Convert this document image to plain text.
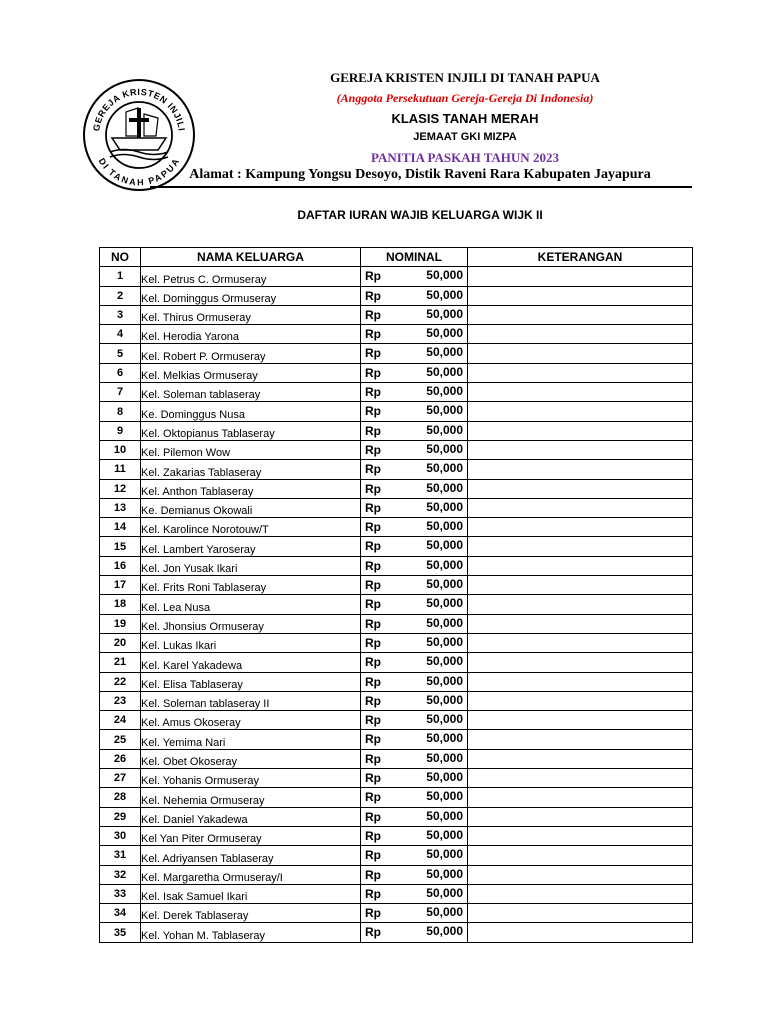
GEREJA KRISTEN INJILI
DI TANAH PAPUA
GEREJA KRISTEN INJILI DI TANAH PAPUA
(Anggota Persekutuan Gereja-Gereja Di Indonesia)
KLASIS TANAH MERAH
JEMAAT GKI MIZPA
PANITIA PASKAH TAHUN 2023
Alamat : Kampung Yongsu Desoyo, Distik Raveni Rara Kabupaten Jayapura
DAFTAR IURAN WAJIB KELUARGA WIJK II
NO	NAMA KELUARGA	NOMINAL	KETERANGAN
1	Kel. Petrus C. Ormuseray	Rp 50,000	

2	Kel. Dominggus Ormuseray	Rp 50,000	

3	Kel. Thirus Ormuseray	Rp 50,000	

4	Kel. Herodia Yarona	Rp 50,000	

5	Kel. Robert P. Ormuseray	Rp 50,000	

6	Kel. Melkias Ormuseray	Rp 50,000	

7	Kel. Soleman tablaseray	Rp 50,000	

8	Ke. Dominggus Nusa	Rp 50,000	

9	Kel. Oktopianus Tablaseray	Rp 50,000	

10	Kel. Pilemon Wow	Rp 50,000	

11	Kel. Zakarias Tablaseray	Rp 50,000	

12	Kel. Anthon Tablaseray	Rp 50,000	

13	Ke. Demianus Okowali	Rp 50,000	

14	Kel. Karolince Norotouw/T	Rp 50,000	

15	Kel. Lambert Yaroseray	Rp 50,000	

16	Kel. Jon Yusak Ikari	Rp 50,000	

17	Kel. Frits Roni Tablaseray	Rp 50,000	

18	Kel. Lea Nusa	Rp 50,000	

19	Kel. Jhonsius Ormuseray	Rp 50,000	

20	Kel. Lukas Ikari	Rp 50,000	

21	Kel. Karel Yakadewa	Rp 50,000	

22	Kel. Elisa Tablaseray	Rp 50,000	

23	Kel. Soleman tablaseray II	Rp 50,000	

24	Kel. Amus Okoseray	Rp 50,000	

25	Kel. Yemima Nari	Rp 50,000	

26	Kel. Obet Okoseray	Rp 50,000	

27	Kel. Yohanis Ormuseray	Rp 50,000	

28	Kel. Nehemia Ormuseray	Rp 50,000	

29	Kel. Daniel Yakadewa	Rp 50,000	

30	Kel Yan Piter Ormuseray	Rp 50,000	

31	Kel. Adriyansen Tablaseray	Rp 50,000	

32	Kel. Margaretha Ormuseray/I	Rp 50,000	

33	Kel. Isak Samuel Ikari	Rp 50,000	

34	Kel. Derek Tablaseray	Rp 50,000	

35	Kel. Yohan M. Tablaseray	Rp 50,000	
